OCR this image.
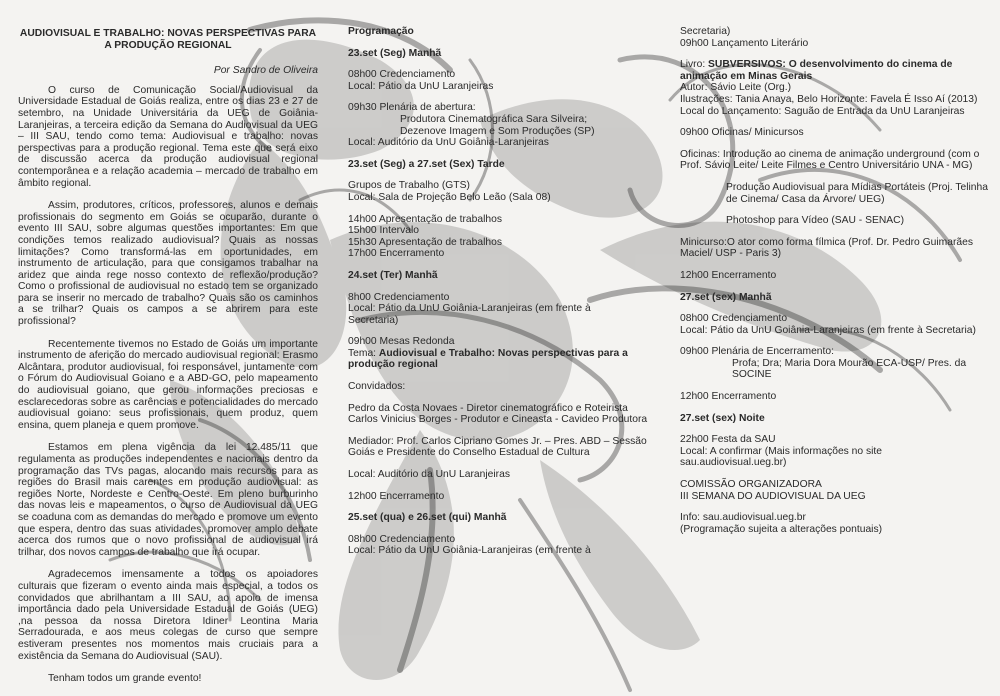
AUDIOVISUAL E TRABALHO: NOVAS PERSPECTIVAS PARA A PRODUÇÃO REGIONAL
Por Sandro de Oliveira

O curso de Comunicação Social/Audiovisual da Universidade Estadual de Goiás realiza, entre os dias 23 e 27 de setembro, na Unidade Universitária da UEG de Goiânia-Laranjeiras, a terceira edição da Semana do Audiovisual da UEG – III SAU, tendo como tema: Audiovisual e trabalho: novas perspectivas para a produção regional. Tema este que será eixo de discussão acerca da produção audiovisual regional contemporânea e a relação academia – mercado de trabalho em âmbito regional.

Assim, produtores, críticos, professores, alunos e demais profissionais do segmento em Goiás se ocuparão, durante o evento III SAU, sobre algumas questões importantes: Em que condições temos realizado audiovisual? Quais as nossas limitações? Como transformá-las em oportunidades, em instrumento de articulação, para que consigamos trabalhar na aridez que ainda rege nosso contexto de reflexão/produção? Como o profissional de audiovisual no estado tem se organizado para se inserir no mercado de trabalho? Quais são os caminhos a se trilhar? Quais os campos a se abrirem para este profissional?

Recentemente tivemos no Estado de Goiás um importante instrumento de aferição do mercado audiovisual regional: Erasmo Alcântara, produtor audiovisual, foi responsável, juntamente com o Fórum do Audiovisual Goiano e a ABD-GO, pelo mapeamento do audiovisual goiano, que gerou informações preciosas e esclarecedoras sobre as carências e potencialidades do mercado audiovisual goiano: seus profissionais, quem produz, quem ensina, quem planeja e quem promove.

Estamos em plena vigência da lei 12.485/11 que regulamenta as produções independentes e nacionais dentro da programação das TVs pagas, alocando mais recursos para as regiões do Brasil mais carentes em produção audiovisual: as regiões Norte, Nordeste e Centro-Oeste. Em pleno burburinho das novas leis e mapeamentos, o curso de Audiovisual da UEG se coaduna com as demandas do mercado e promove um evento que espera, dentro das suas atividades, promover amplo debate acerca dos rumos que o novo profissional de audiovisual irá trilhar, dos novos campos de trabalho que irá ocupar.

Agradecemos imensamente a todos os apoiadores culturais que fizeram o evento ainda mais especial, a todos os convidados que abrilhantam a III SAU, ao apoio de imensa importância dado pela Universidade Estadual de Goiás (UEG) ,na pessoa da nossa Diretora Idiner Leontina Maria Serradourada, e aos meus colegas de curso que sempre estiveram presentes nos momentos mais cruciais para a existência da Semana do Audiovisual (SAU).

Tenham todos um grande evento!

Programação
23.set (Seg) Manhã
08h00 Credenciamento
Local: Pátio da UnU Laranjeiras
09h30 Plenária de abertura:
Produtora Cinematográfica Sara Silveira;
Dezenove Imagem e Som Produções (SP)
Local: Auditório da UnU Goiânia-Laranjeiras
23.set (Seg) a 27.set (Sex) Tarde
Grupos de Trabalho (GTS)
Local: Sala de Projeção Belo Leão (Sala 08)
14h00 Apresentação de trabalhos
15h00 Intervalo
15h30 Apresentação de trabalhos
17h00 Encerramento
24.set (Ter) Manhã
8h00 Credenciamento
Local: Pátio da UnU Goiânia-Laranjeiras (em frente à
Secretaria)
09h00 Mesas Redonda
Tema: Audiovisual e Trabalho: Novas perspectivas para a produção regional
Convidados:
Pedro da Costa Novaes - Diretor cinematográfico e Roteirista
Carlos Vinicius Borges - Produtor e Cineasta - Cavideo Produtora
Mediador: Prof. Carlos Cipriano Gomes Jr. – Pres. ABD – Sessão Goiás e Presidente do Conselho Estadual de Cultura
Local: Auditório da UnU Laranjeiras
12h00 Encerramento
25.set (qua) e 26.set (qui) Manhã
08h00 Credenciamento
Local: Pátio da UnU Goiânia-Laranjeiras (em frente à
Secretaria)
09h00 Lançamento Literário
Livro: SUBVERSIVOS: O desenvolvimento do cinema de animação em Minas Gerais
Autor: Sávio Leite (Org.)
Ilustrações: Tania Anaya, Belo Horizonte: Favela É Isso Aí (2013)
Local do Lançamento: Saguão de Entrada da UnU Laranjeiras
09h00 Oficinas/ Minicursos
Oficinas: Introdução ao cinema de animação underground (com o Prof. Sávio Leite/ Leite Filmes e Centro Universitário UNA - MG)
Produção Audiovisual para Mídias Portáteis (Proj. Telinha de Cinema/ Casa da Árvore/ UEG)
Photoshop para Vídeo (SAU - SENAC)
Minicurso:O ator como forma fílmica (Prof. Dr. Pedro Guimarães Maciel/ USP - Paris 3)
12h00 Encerramento
27.set (sex) Manhã
08h00 Credenciamento
Local: Pátio da UnU Goiânia-Laranjeiras (em frente à Secretaria)
09h00 Plenária de Encerramento:
Profa; Dra; Maria Dora Mourão ECA-USP/ Pres. da SOCINE
12h00 Encerramento
27.set (sex) Noite
22h00 Festa da SAU
Local: A confirmar (Mais informações no site sau.audiovisual.ueg.br)
COMISSÃO ORGANIZADORA
III SEMANA DO AUDIOVISUAL DA UEG
Info: sau.audiovisual.ueg.br
(Programação sujeita a alterações pontuais)
